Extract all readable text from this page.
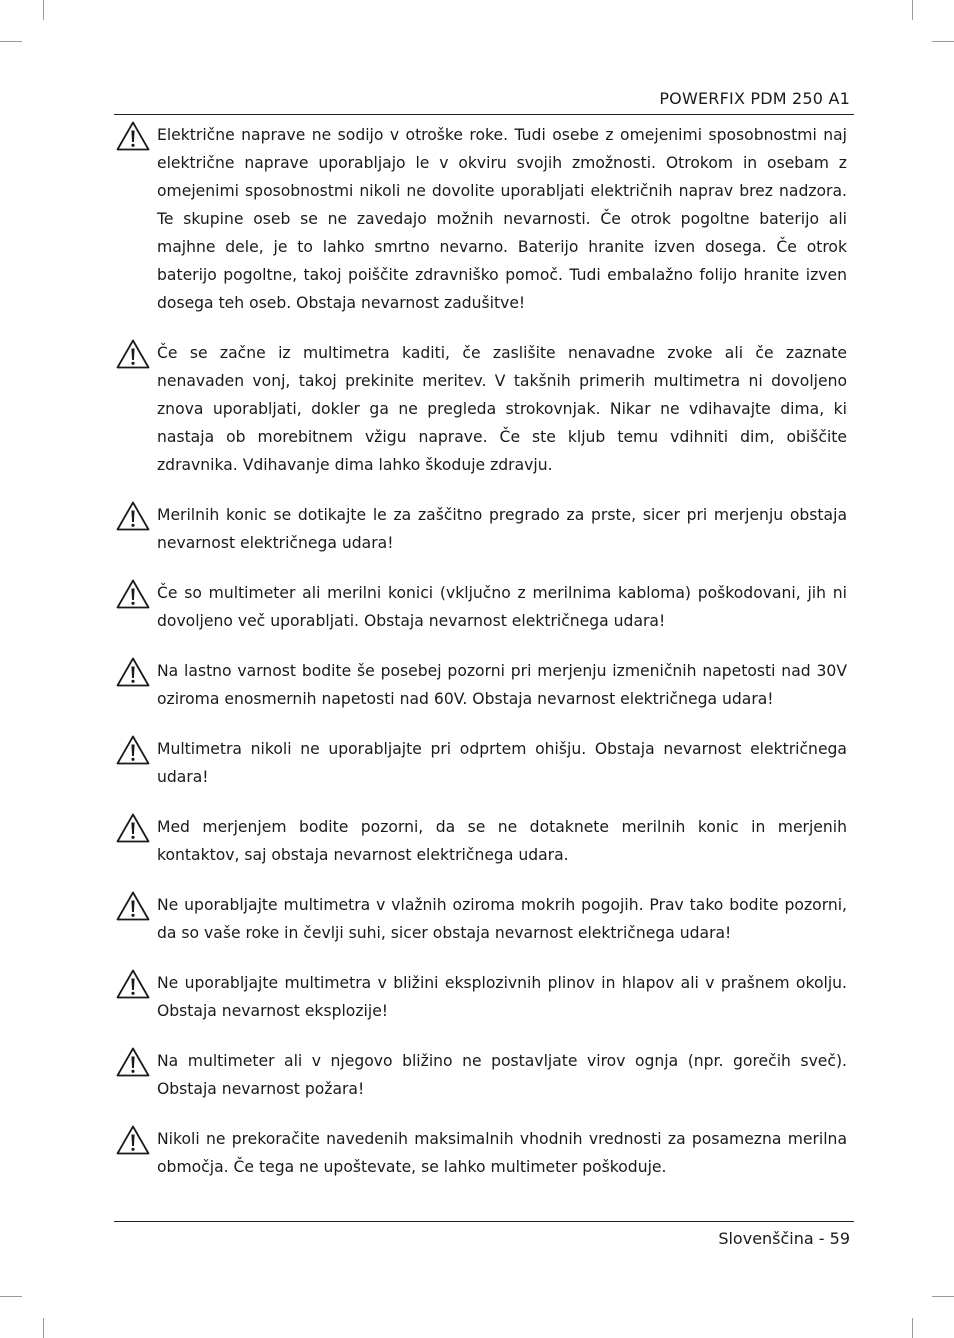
POWERFIX PDM 250 A1

Električne naprave ne sodijo v otroške roke. Tudi osebe z omejenimi sposobnostmi naj električne naprave uporabljajo le v okviru svojih zmožnosti. Otrokom in osebam z omejenimi sposobnostmi nikoli ne dovolite uporabljati električnih naprav brez nadzora. Te skupine oseb se ne zavedajo možnih nevarnosti. Če otrok pogoltne baterijo ali majhne dele, je to lahko smrtno nevarno. Baterijo hranite izven dosega. Če otrok baterijo pogoltne, takoj poiščite zdravniško pomoč. Tudi embalažno folijo hranite izven dosega teh oseb. Obstaja nevarnost zadušitve!

Če se začne iz multimetra kaditi, če zaslišite nenavadne zvoke ali če zaznate nenavaden vonj, takoj prekinite meritev. V takšnih primerih multimetra ni dovoljeno znova uporabljati, dokler ga ne pregleda strokovnjak. Nikar ne vdihavajte dima, ki nastaja ob morebitnem vžigu naprave. Če ste kljub temu vdihniti dim, obiščite zdravnika. Vdihavanje dima lahko škoduje zdravju.

Merilnih konic se dotikajte le za zaščitno pregrado za prste, sicer pri merjenju obstaja nevarnost električnega udara!

Če so multimeter ali merilni konici (vključno z merilnima kabloma) poškodovani, jih ni dovoljeno več uporabljati. Obstaja nevarnost električnega udara!

Na lastno varnost bodite še posebej pozorni pri merjenju izmeničnih napetosti nad 30V oziroma enosmernih napetosti nad 60V. Obstaja nevarnost električnega udara!

Multimetra nikoli ne uporabljajte pri odprtem ohišju. Obstaja nevarnost električnega udara!

Med merjenjem bodite pozorni, da se ne dotaknete merilnih konic in merjenih kontaktov, saj obstaja nevarnost električnega udara.

Ne uporabljajte multimetra v vlažnih oziroma mokrih pogojih. Prav tako bodite pozorni, da so vaše roke in čevlji suhi, sicer obstaja nevarnost električnega udara!

Ne uporabljajte multimetra v bližini eksplozivnih plinov in hlapov ali v prašnem okolju. Obstaja nevarnost eksplozije!

Na multimeter ali v njegovo bližino ne postavljate virov ognja (npr. gorečih sveč). Obstaja nevarnost požara!

Nikoli ne prekoračite navedenih maksimalnih vhodnih vrednosti za posamezna merilna območja. Če tega ne upoštevate, se lahko multimeter poškoduje.

Slovenščina - 59
